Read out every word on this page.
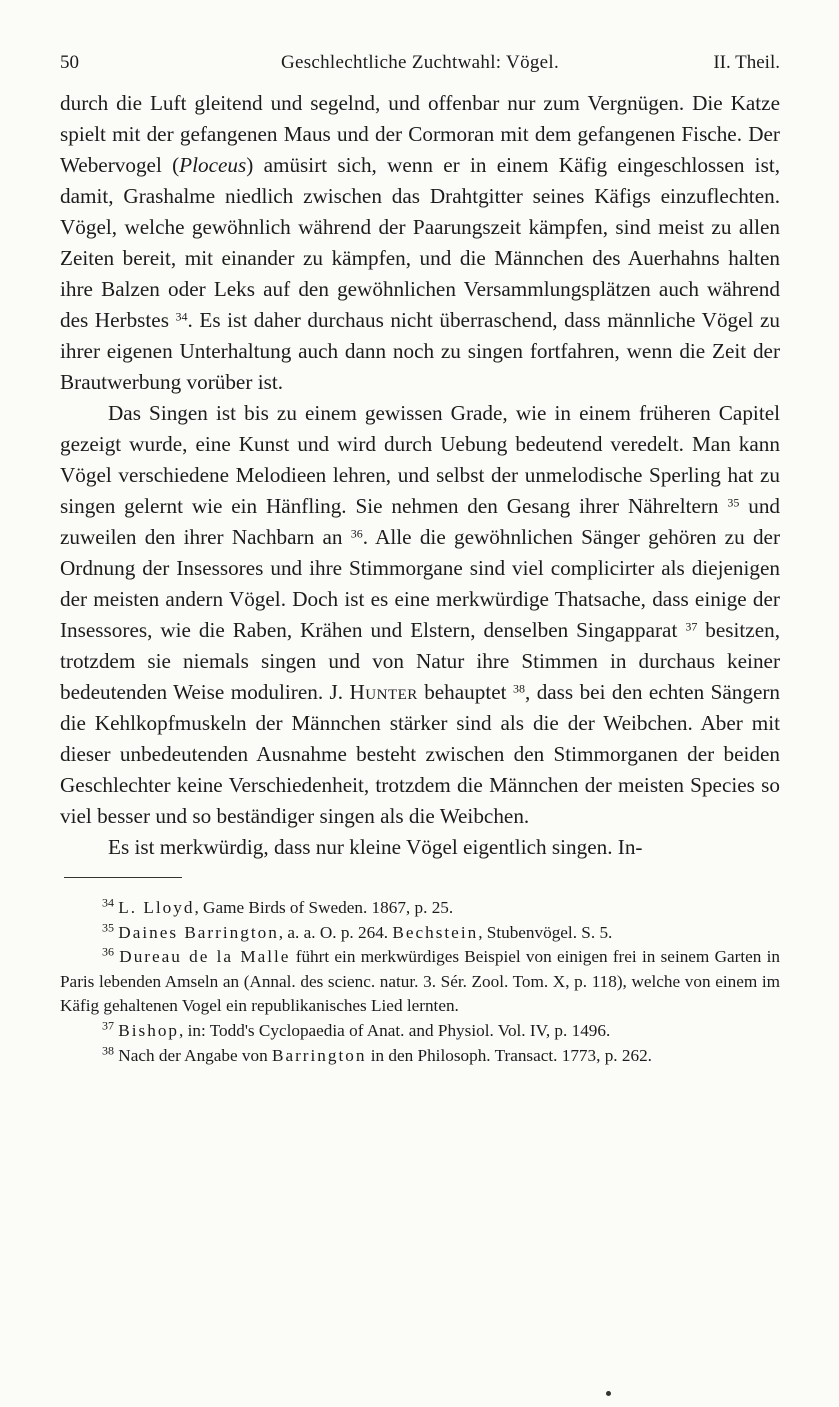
50	Geschlechtliche Zuchtwahl: Vögel.	II. Theil.

durch die Luft gleitend und segelnd, und offenbar nur zum Vergnügen. Die Katze spielt mit der gefangenen Maus und der Cormoran mit dem gefangenen Fische. Der Webervogel (Ploceus) amüsirt sich, wenn er in einem Käfig eingeschlossen ist, damit, Grashalme niedlich zwischen das Drahtgitter seines Käfigs einzuflechten. Vögel, welche gewöhnlich während der Paarungszeit kämpfen, sind meist zu allen Zeiten bereit, mit einander zu kämpfen, und die Männchen des Auerhahns halten ihre Balzen oder Leks auf den gewöhnlichen Versammlungsplätzen auch während des Herbstes $^{34}$. Es ist daher durchaus nicht überraschend, dass männliche Vögel zu ihrer eigenen Unterhaltung auch dann noch zu singen fortfahren, wenn die Zeit der Brautwerbung vorüber ist.

Das Singen ist bis zu einem gewissen Grade, wie in einem früheren Capitel gezeigt wurde, eine Kunst und wird durch Uebung bedeutend veredelt. Man kann Vögel verschiedene Melodieen lehren, und selbst der unmelodische Sperling hat zu singen gelernt wie ein Hänfling. Sie nehmen den Gesang ihrer Nähreltern $^{35}$ und zuweilen den ihrer Nachbarn an $^{36}$. Alle die gewöhnlichen Sänger gehören zu der Ordnung der Insessores und ihre Stimmorgane sind viel complicirter als diejenigen der meisten andern Vögel. Doch ist es eine merkwürdige Thatsache, dass einige der Insessores, wie die Raben, Krähen und Elstern, denselben Singapparat $^{37}$ besitzen, trotzdem sie niemals singen und von Natur ihre Stimmen in durchaus keiner bedeutenden Weise moduliren. J. Hunter behauptet $^{38}$, dass bei den echten Sängern die Kehlkopfmuskeln der Männchen stärker sind als die der Weibchen. Aber mit dieser unbedeutenden Ausnahme besteht zwischen den Stimmorganen der beiden Geschlechter keine Verschiedenheit, trotzdem die Männchen der meisten Species so viel besser und so beständiger singen als die Weibchen.

Es ist merkwürdig, dass nur kleine Vögel eigentlich singen. In-

$^{34}$ L. Lloyd, Game Birds of Sweden. 1867, p. 25.

$^{35}$ Daines Barrington, a. a. O. p. 264. Bechstein, Stubenvögel. S. 5.

$^{36}$ Dureau de la Malle führt ein merkwürdiges Beispiel von einigen frei in seinem Garten in Paris lebenden Amseln an (Annal. des scienc. natur. 3. Sér. Zool. Tom. X, p. 118), welche von einem im Käfig gehaltenen Vogel ein republikanisches Lied lernten.

$^{37}$ Bishop, in: Todd's Cyclopaedia of Anat. and Physiol. Vol. IV, p. 1496.

$^{38}$ Nach der Angabe von Barrington in den Philosoph. Transact. 1773, p. 262.
